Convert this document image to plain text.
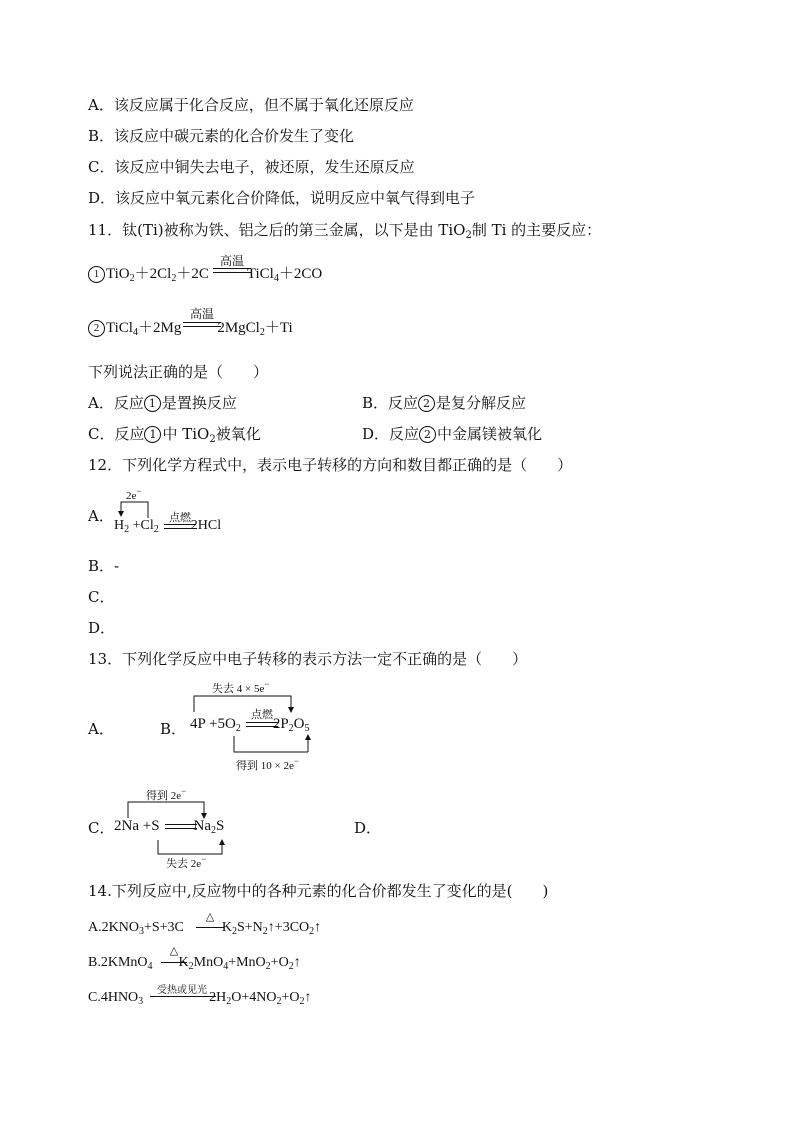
A．该反应属于化合反应，但不属于氧化还原反应
B．该反应中碳元素的化合价发生了变化
C．该反应中铜失去电子，被还原，发生还原反应
D．该反应中氧元素化合价降低，说明反应中氧气得到电子
11．钛(Ti)被称为铁、铝之后的第三金属，以下是由 TiO$_2$制 Ti 的主要反应：
1 $TiO_2+2Cl_2+2C$	TiCl$_4$＋2CO
高温
2 TiCl$_4$＋2Mg 2MgCl$_2$＋Ti
高温
下列说法正确的是（　　）
A．反应 1 是置换反应	B．反应 2 是复分解反应
C．反应 1 中 TiO$_2$被氧化	D．反应 2 中金属镁被氧化
12．下列化学方程式中，表示电子转移的方向和数目都正确的是（　　）
A．
2e−
$H_2 +Cl_2$ 2HCl
点燃
B．-
C．
D．
13．下列化学反应中电子转移的表示方法一定不正确的是（　　）
A．	B．
失去 4 × 5e−
$4P +5O_2$ $2P_2O_5$
点燃
得到 10 × 2e−
C．
得到 2e−
2Na +S $Na_2S$
失去 2e−
D．
14.下列反应中,反应物中的各种元素的化合价都发生了变化的是(　　)
$A.2KNO_3+S+3C$	$K_2S+N_2↑+3CO_2↑$
△
B.2KMnO$_4$ $K_2MnO_4+MnO_2+O_2↑$
△
$C.4HNO_3$	$2H_2O+4NO_2+O_2↑$
受热或见光
